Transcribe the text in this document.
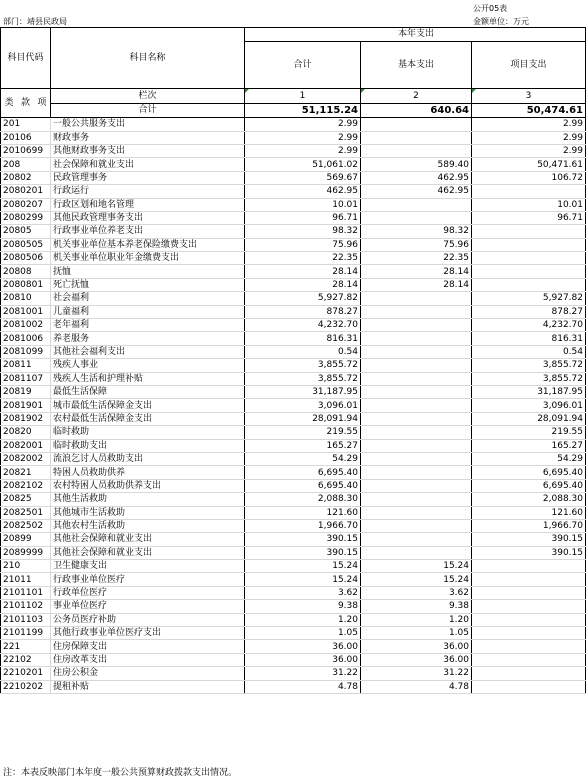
公开05表
部门：靖县民政局	金额单位：万元
科目代码	科目名称		本年支出	
		合计	基本支出	项目支出

类 款 项	栏次	1	2	3
	合计	51,115.24	640.64	50,474.61
201	一般公共服务支出	2.99		2.99
20106	财政事务	2.99		2.99
2010699	其他财政事务支出	2.99		2.99
208	社会保障和就业支出	51,061.02	589.40	50,471.61
20802	民政管理事务	569.67	462.95	106.72
2080201	行政运行	462.95	462.95	
2080207	行政区划和地名管理	10.01		10.01
2080299	其他民政管理事务支出	96.71		96.71
20805	行政事业单位养老支出	98.32	98.32	
2080505	机关事业单位基本养老保险缴费支出	75.96	75.96	
2080506	机关事业单位职业年金缴费支出	22.35	22.35	
20808	抚恤	28.14	28.14	
2080801	死亡抚恤	28.14	28.14	
20810	社会福利	5,927.82		5,927.82
2081001	儿童福利	878.27		878.27
2081002	老年福利	4,232.70		4,232.70
2081006	养老服务	816.31		816.31
2081099	其他社会福利支出	0.54		0.54
20811	残疾人事业	3,855.72		3,855.72
2081107	残疾人生活和护理补贴	3,855.72		3,855.72
20819	最低生活保障	31,187.95		31,187.95
2081901	城市最低生活保障金支出	3,096.01		3,096.01
2081902	农村最低生活保障金支出	28,091.94		28,091.94
20820	临时救助	219.55		219.55
2082001	临时救助支出	165.27		165.27
2082002	流浪乞讨人员救助支出	54.29		54.29
20821	特困人员救助供养	6,695.40		6,695.40
2082102	农村特困人员救助供养支出	6,695.40		6,695.40
20825	其他生活救助	2,088.30		2,088.30
2082501	其他城市生活救助	121.60		121.60
2082502	其他农村生活救助	1,966.70		1,966.70
20899	其他社会保障和就业支出	390.15		390.15
2089999	其他社会保障和就业支出	390.15		390.15
210	卫生健康支出	15.24	15.24	
21011	行政事业单位医疗	15.24	15.24	
2101101	行政单位医疗	3.62	3.62	
2101102	事业单位医疗	9.38	9.38	
2101103	公务员医疗补助	1.20	1.20	
2101199	其他行政事业单位医疗支出	1.05	1.05	
221	住房保障支出	36.00	36.00	
22102	住房改革支出	36.00	36.00	
2210201	住房公积金	31.22	31.22	
2210202	提租补贴	4.78	4.78	
注：本表反映部门本年度一般公共预算财政拨款支出情况。
